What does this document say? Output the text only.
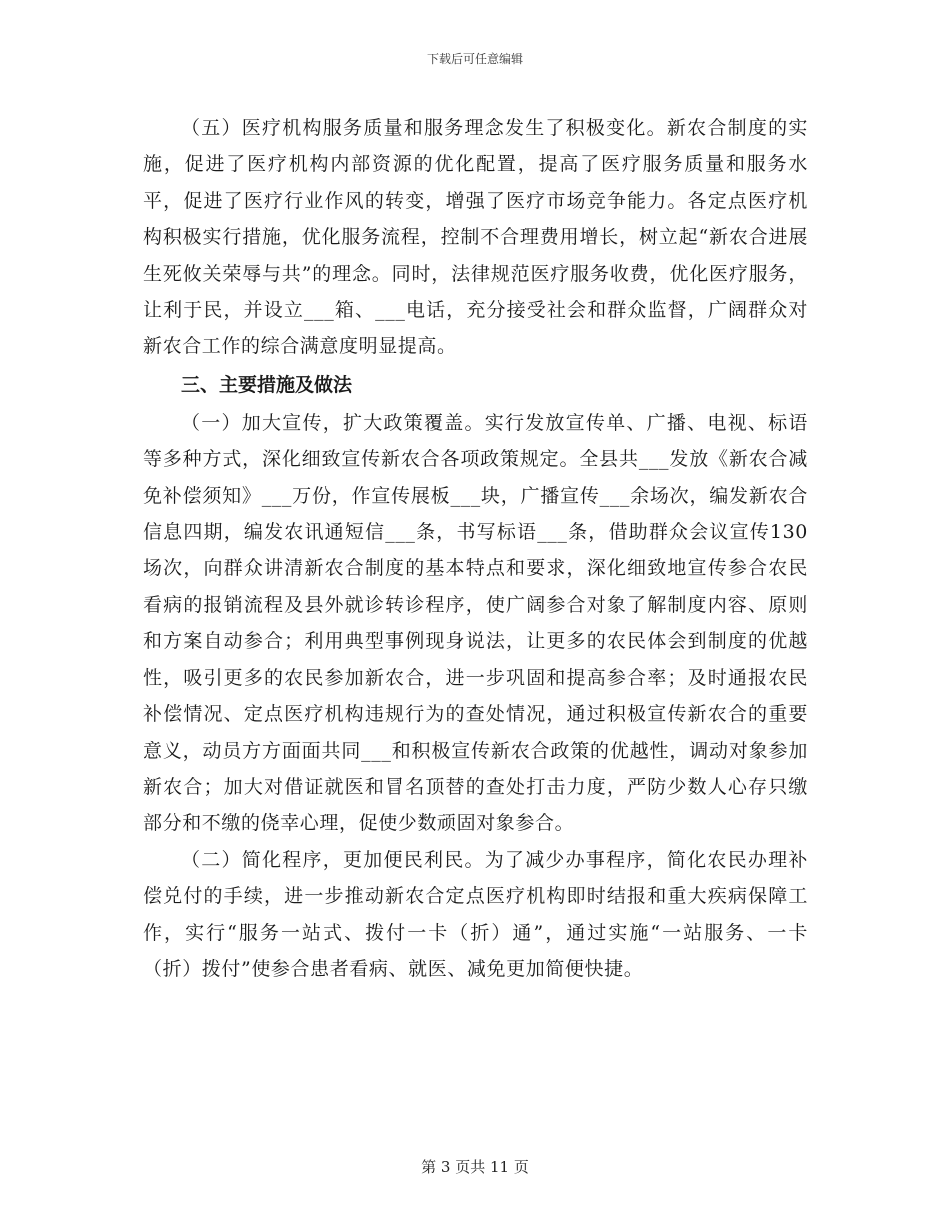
下载后可任意编辑

（五）医疗机构服务质量和服务理念发生了积极变化。新农合制度的实施，促进了医疗机构内部资源的优化配置，提高了医疗服务质量和服务水平，促进了医疗行业作风的转变，增强了医疗市场竞争能力。各定点医疗机构积极实行措施，优化服务流程，控制不合理费用增长，树立起“新农合进展生死攸关荣辱与共”的理念。同时，法律规范医疗服务收费，优化医疗服务，让利于民，并设立___箱、___电话，充分接受社会和群众监督，广阔群众对新农合工作的综合满意度明显提高。

三、主要措施及做法

（一）加大宣传，扩大政策覆盖。实行发放宣传单、广播、电视、标语等多种方式，深化细致宣传新农合各项政策规定。全县共___发放《新农合减免补偿须知》___万份，作宣传展板___块，广播宣传___余场次，编发新农合信息四期，编发农讯通短信___条，书写标语___条，借助群众会议宣传130场次，向群众讲清新农合制度的基本特点和要求，深化细致地宣传参合农民看病的报销流程及县外就诊转诊程序，使广阔参合对象了解制度内容、原则和方案自动参合；利用典型事例现身说法，让更多的农民体会到制度的优越性，吸引更多的农民参加新农合，进一步巩固和提高参合率；及时通报农民补偿情况、定点医疗机构违规行为的查处情况，通过积极宣传新农合的重要意义，动员方方面面共同___和积极宣传新农合政策的优越性，调动对象参加新农合；加大对借证就医和冒名顶替的查处打击力度，严防少数人心存只缴部分和不缴的侥幸心理，促使少数顽固对象参合。

（二）简化程序，更加便民利民。为了减少办事程序，简化农民办理补偿兑付的手续，进一步推动新农合定点医疗机构即时结报和重大疾病保障工作，实行“服务一站式、拨付一卡（折）通”，通过实施“一站服务、一卡（折）拨付”使参合患者看病、就医、减免更加简便快捷。

第 3 页共 11 页
